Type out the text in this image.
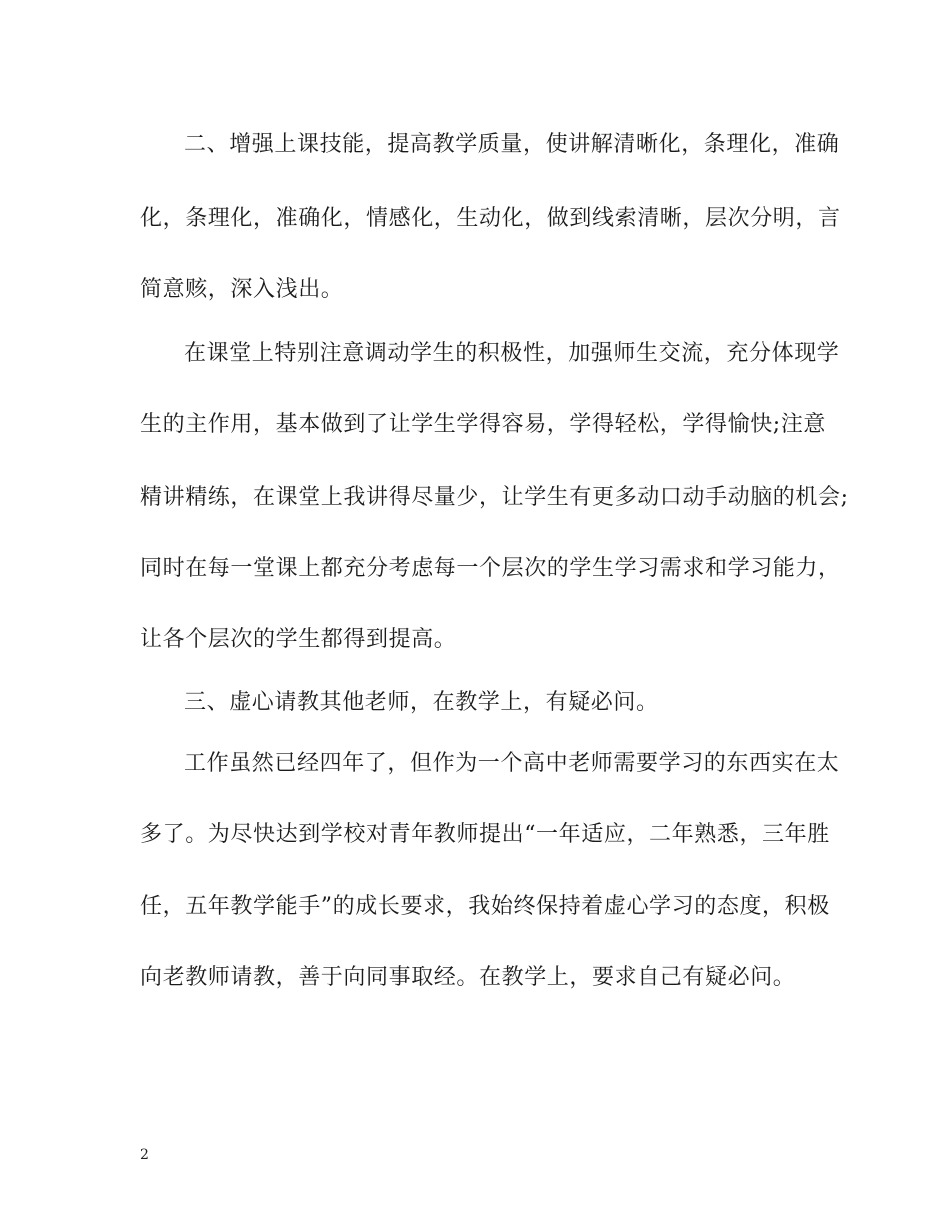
二、增强上课技能，提高教学质量，使讲解清晰化，条理化，准确
化，条理化，准确化，情感化，生动化，做到线索清晰，层次分明，言
简意赅，深入浅出。
在课堂上特别注意调动学生的积极性，加强师生交流，充分体现学
生的主作用，基本做到了让学生学得容易，学得轻松，学得愉快;注意
精讲精练，在课堂上我讲得尽量少，让学生有更多动口动手动脑的机会;
同时在每一堂课上都充分考虑每一个层次的学生学习需求和学习能力，
让各个层次的学生都得到提高。
三、虚心请教其他老师，在教学上，有疑必问。
工作虽然已经四年了，但作为一个高中老师需要学习的东西实在太
多了。为尽快达到学校对青年教师提出“一年适应，二年熟悉，三年胜
任，五年教学能手”的成长要求，我始终保持着虚心学习的态度，积极
向老教师请教，善于向同事取经。在教学上，要求自己有疑必问。
2
